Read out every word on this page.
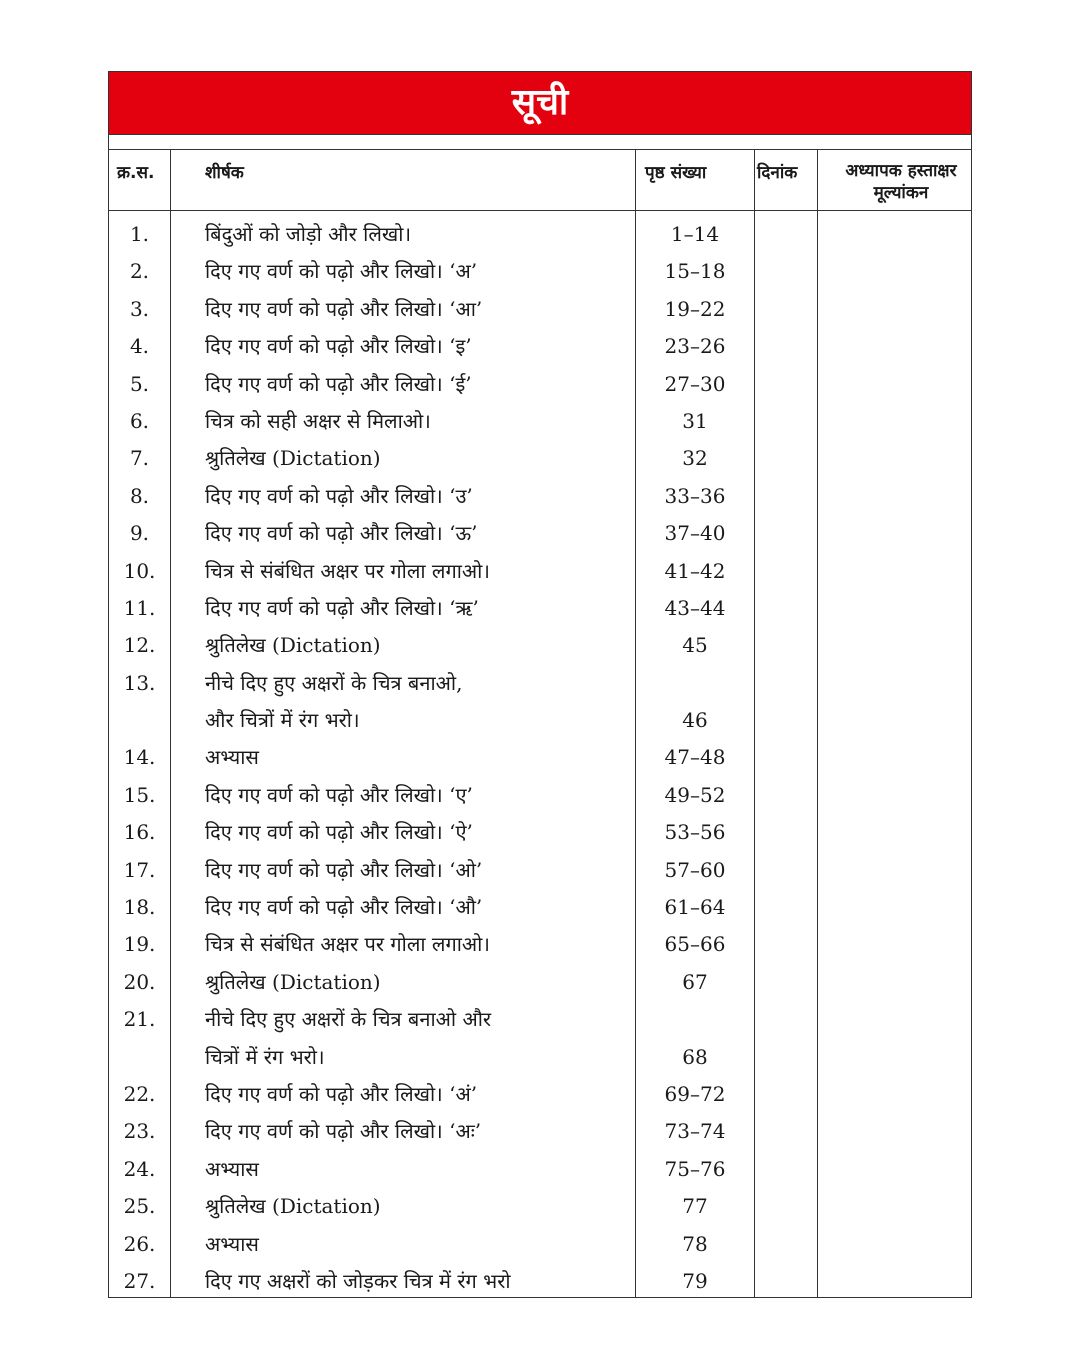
सूची
क्र.स.	शीर्षक	पृष्ठ संख्या	दिनांक	अध्यापक हस्ताक्षर
मूल्यांकन
1.	बिंदुओं को जोड़ो और लिखो।	1–14
2.	दिए गए वर्ण को पढ़ो और लिखो। ‘अ’	15–18
3.	दिए गए वर्ण को पढ़ो और लिखो। ‘आ’	19–22
4.	दिए गए वर्ण को पढ़ो और लिखो। ‘इ’	23–26
5.	दिए गए वर्ण को पढ़ो और लिखो। ‘ई’	27–30
6.	चित्र को सही अक्षर से मिलाओ।	31
7.	श्रुतिलेख (Dictation)	32
8.	दिए गए वर्ण को पढ़ो और लिखो। ‘उ’	33–36
9.	दिए गए वर्ण को पढ़ो और लिखो। ‘ऊ’	37–40
10.	चित्र से संबंधित अक्षर पर गोला लगाओ।	41–42
11.	दिए गए वर्ण को पढ़ो और लिखो। ‘ऋ’	43–44
12.	श्रुतिलेख (Dictation)	45
13.	नीचे दिए हुए अक्षरों के चित्र बनाओ,
और चित्रों में रंग भरो।	46
14.	अभ्यास	47–48
15.	दिए गए वर्ण को पढ़ो और लिखो। ‘ए’	49–52
16.	दिए गए वर्ण को पढ़ो और लिखो। ‘ऐ’	53–56
17.	दिए गए वर्ण को पढ़ो और लिखो। ‘ओ’	57–60
18.	दिए गए वर्ण को पढ़ो और लिखो। ‘औ’	61–64
19.	चित्र से संबंधित अक्षर पर गोला लगाओ।	65–66
20.	श्रुतिलेख (Dictation)	67
21.	नीचे दिए हुए अक्षरों के चित्र बनाओ और
चित्रों में रंग भरो।	68
22.	दिए गए वर्ण को पढ़ो और लिखो। ‘अं’	69–72
23.	दिए गए वर्ण को पढ़ो और लिखो। ‘अः’	73–74
24.	अभ्यास	75–76
25.	श्रुतिलेख (Dictation)	77
26.	अभ्यास	78
27.	दिए गए अक्षरों को जोड़कर चित्र में रंग भरो	79
